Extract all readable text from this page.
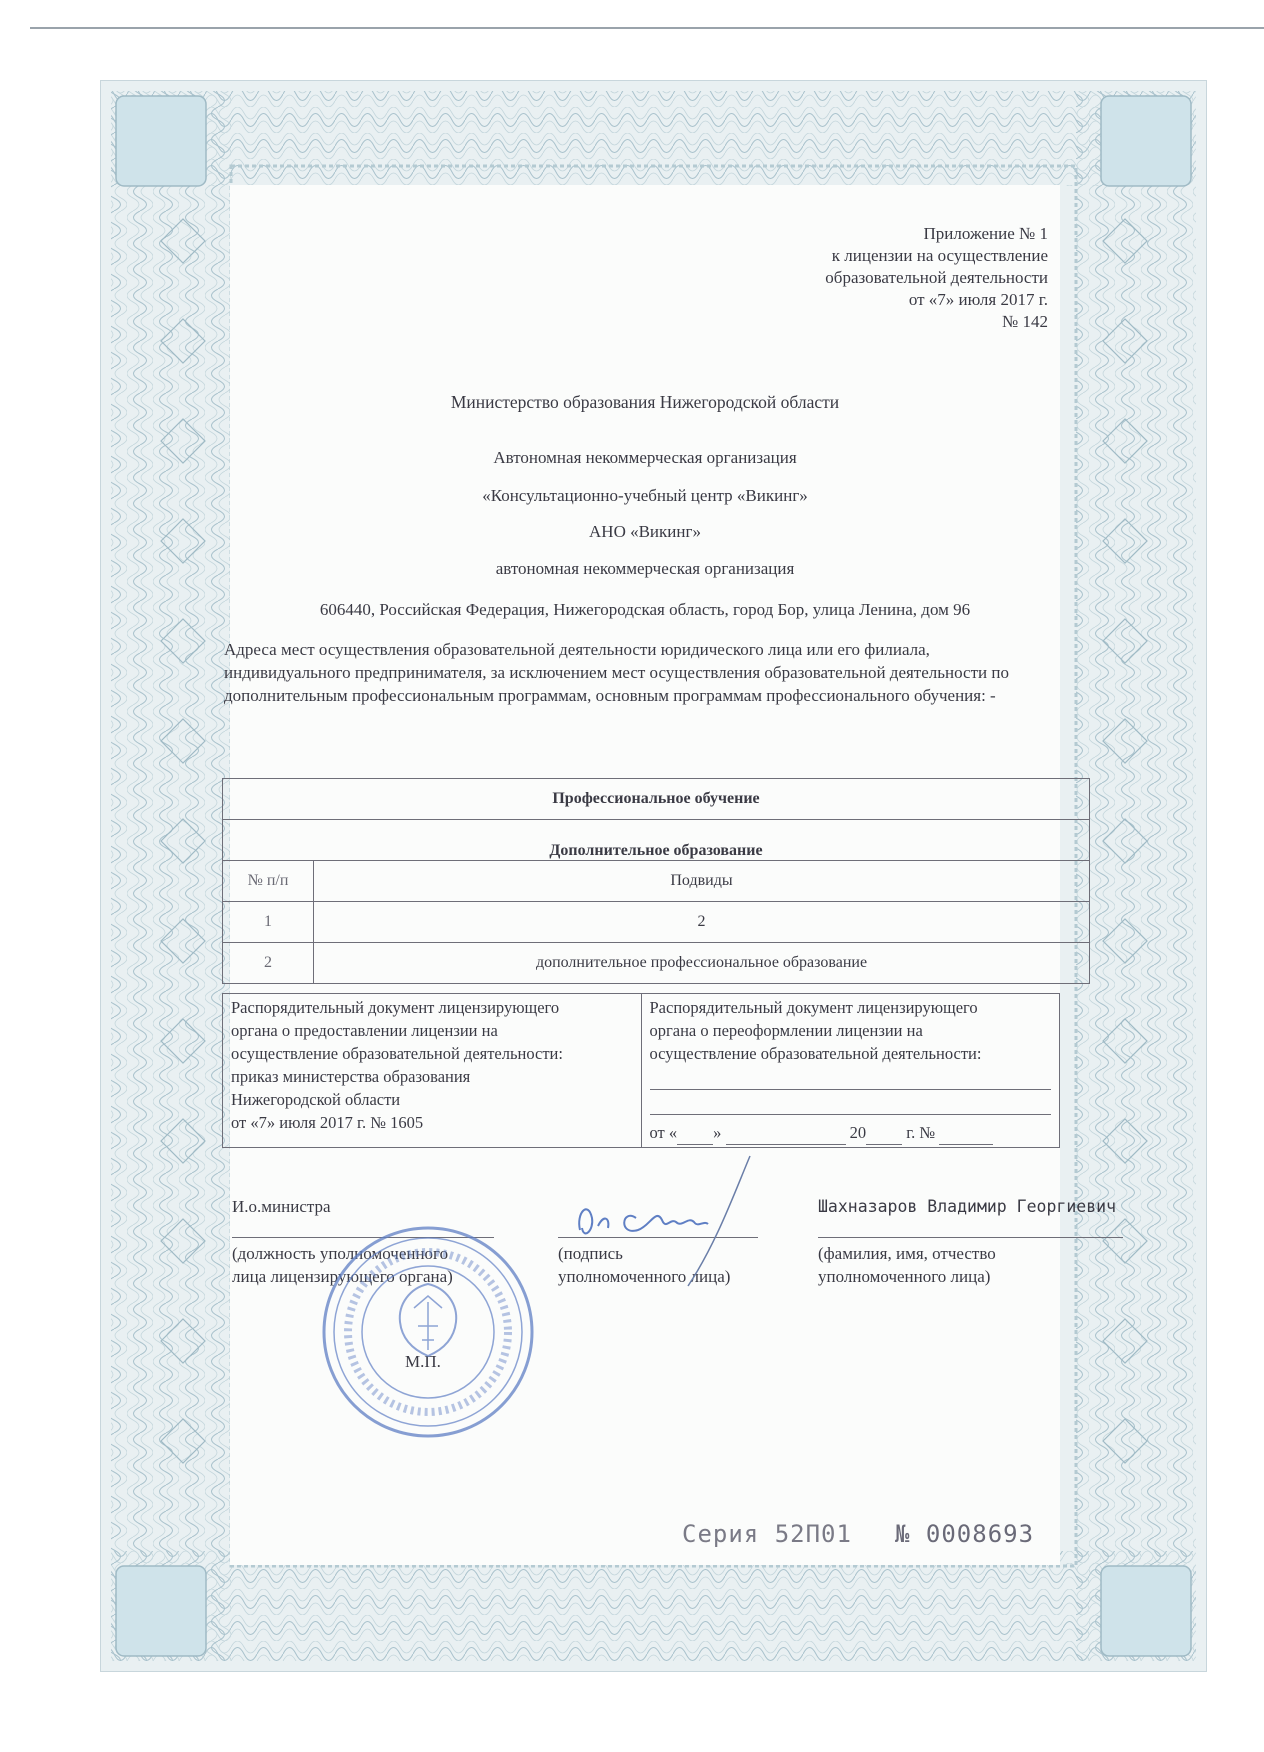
Приложение № 1
к лицензии на осуществление
образовательной деятельности
от «7» июля 2017 г.
№ 142
Министерство образования Нижегородской области
Автономная некоммерческая организация
«Консультационно-учебный центр «Викинг»
АНО «Викинг»
автономная некоммерческая организация
606440, Российская Федерация, Нижегородская область, город Бор, улица Ленина, дом 96
Адреса мест осуществления образовательной деятельности юридического лица или его филиала, индивидуального предпринимателя, за исключением мест осуществления образовательной деятельности по дополнительным профессиональным программам, основным программам профессионального обучения: -
Профессиональное обучение	
Дополнительное образование	
№ п/п	Подвиды
1	2
2	дополнительное профессиональное образование
Распорядительный документ лицензирующего
органа о предоставлении лицензии на
осуществление образовательной деятельности:
приказ министерства образования
Нижегородской области
от «7» июля 2017 г. № 1605

Распорядительный документ лицензирующего
органа о переоформлении лицензии на
осуществление образовательной деятельности:
от « »	20 г. №
И.о.министра
(должность уполномоченного
лица лицензирующего органа)
(подпись
уполномоченного лица)
Шахназаров Владимир Георгиевич
(фамилия, имя, отчество
уполномоченного лица)
М.П.
Серия 52П01 № 0008693
